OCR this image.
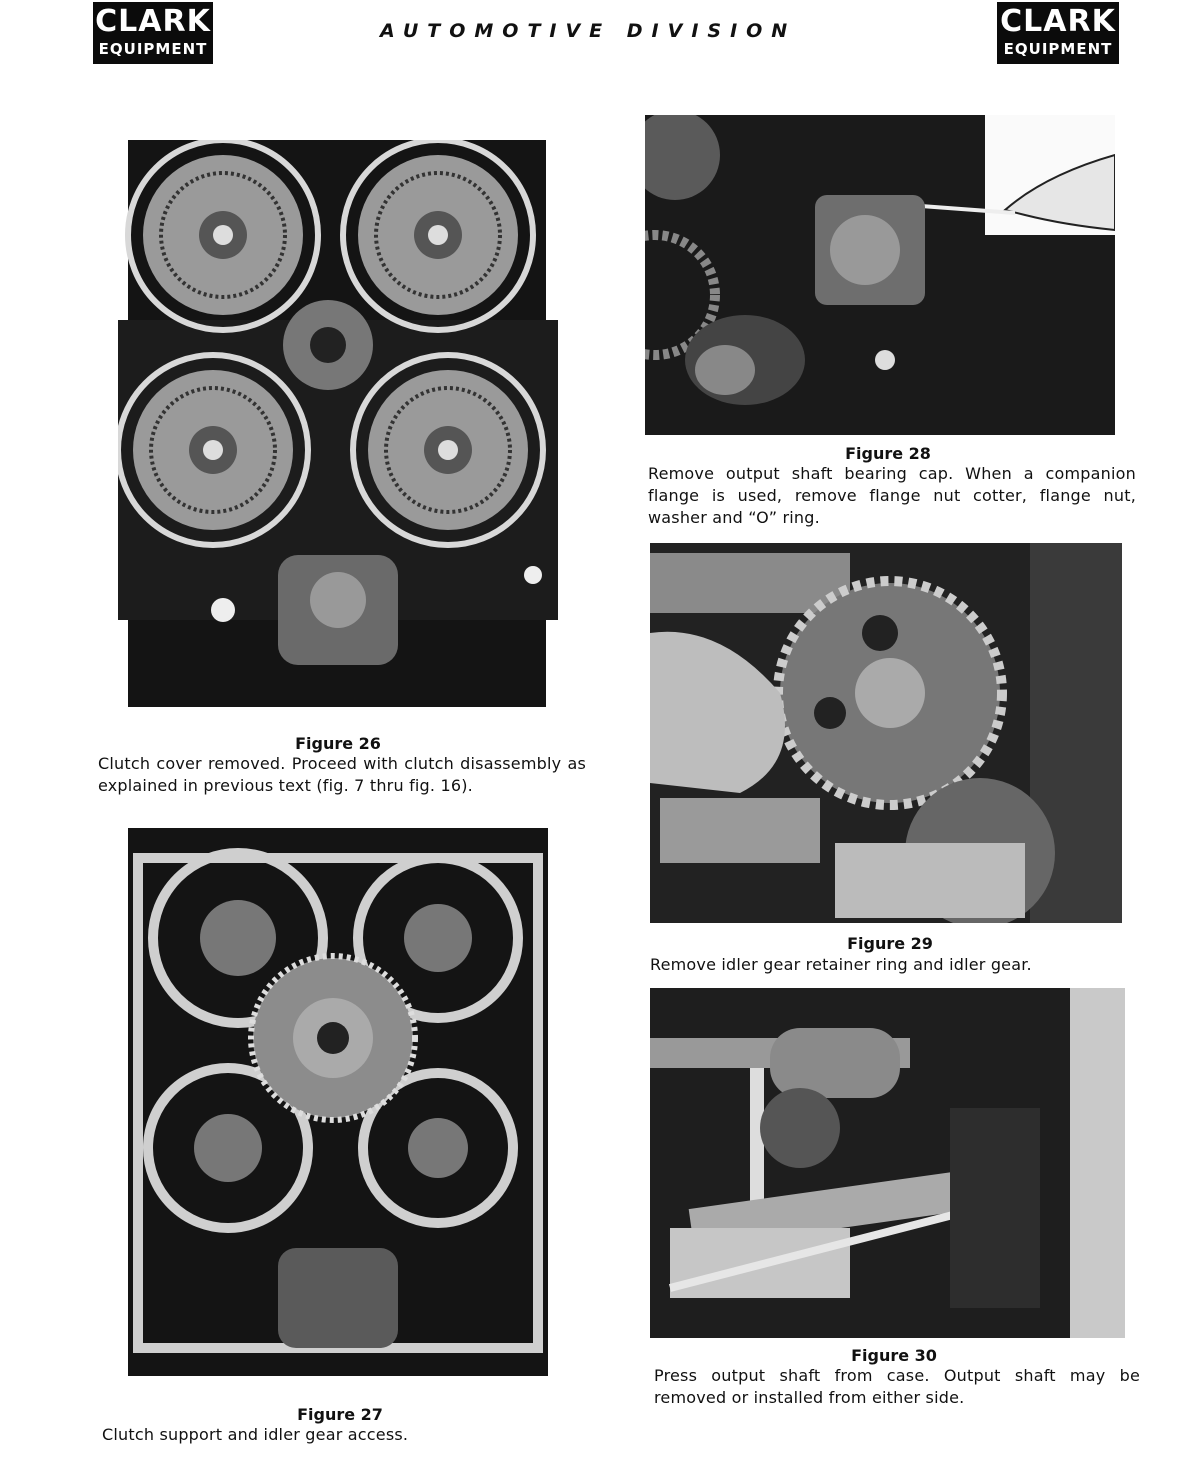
CLARK
EQUIPMENT
AUTOMOTIVE DIVISION	CLARK
EQUIPMENT
Figure 26
Clutch cover removed. Proceed with clutch disassembly as explained in previous text (fig. 7 thru fig. 16).
Figure 27
Clutch support and idler gear access.
Figure 28
Remove output shaft bearing cap. When a companion flange is used, remove flange nut cotter, flange nut, washer and “O” ring.
Figure 29
Remove idler gear retainer ring and idler gear.
Figure 30
Press output shaft from case. Output shaft may be removed or installed from either side.
